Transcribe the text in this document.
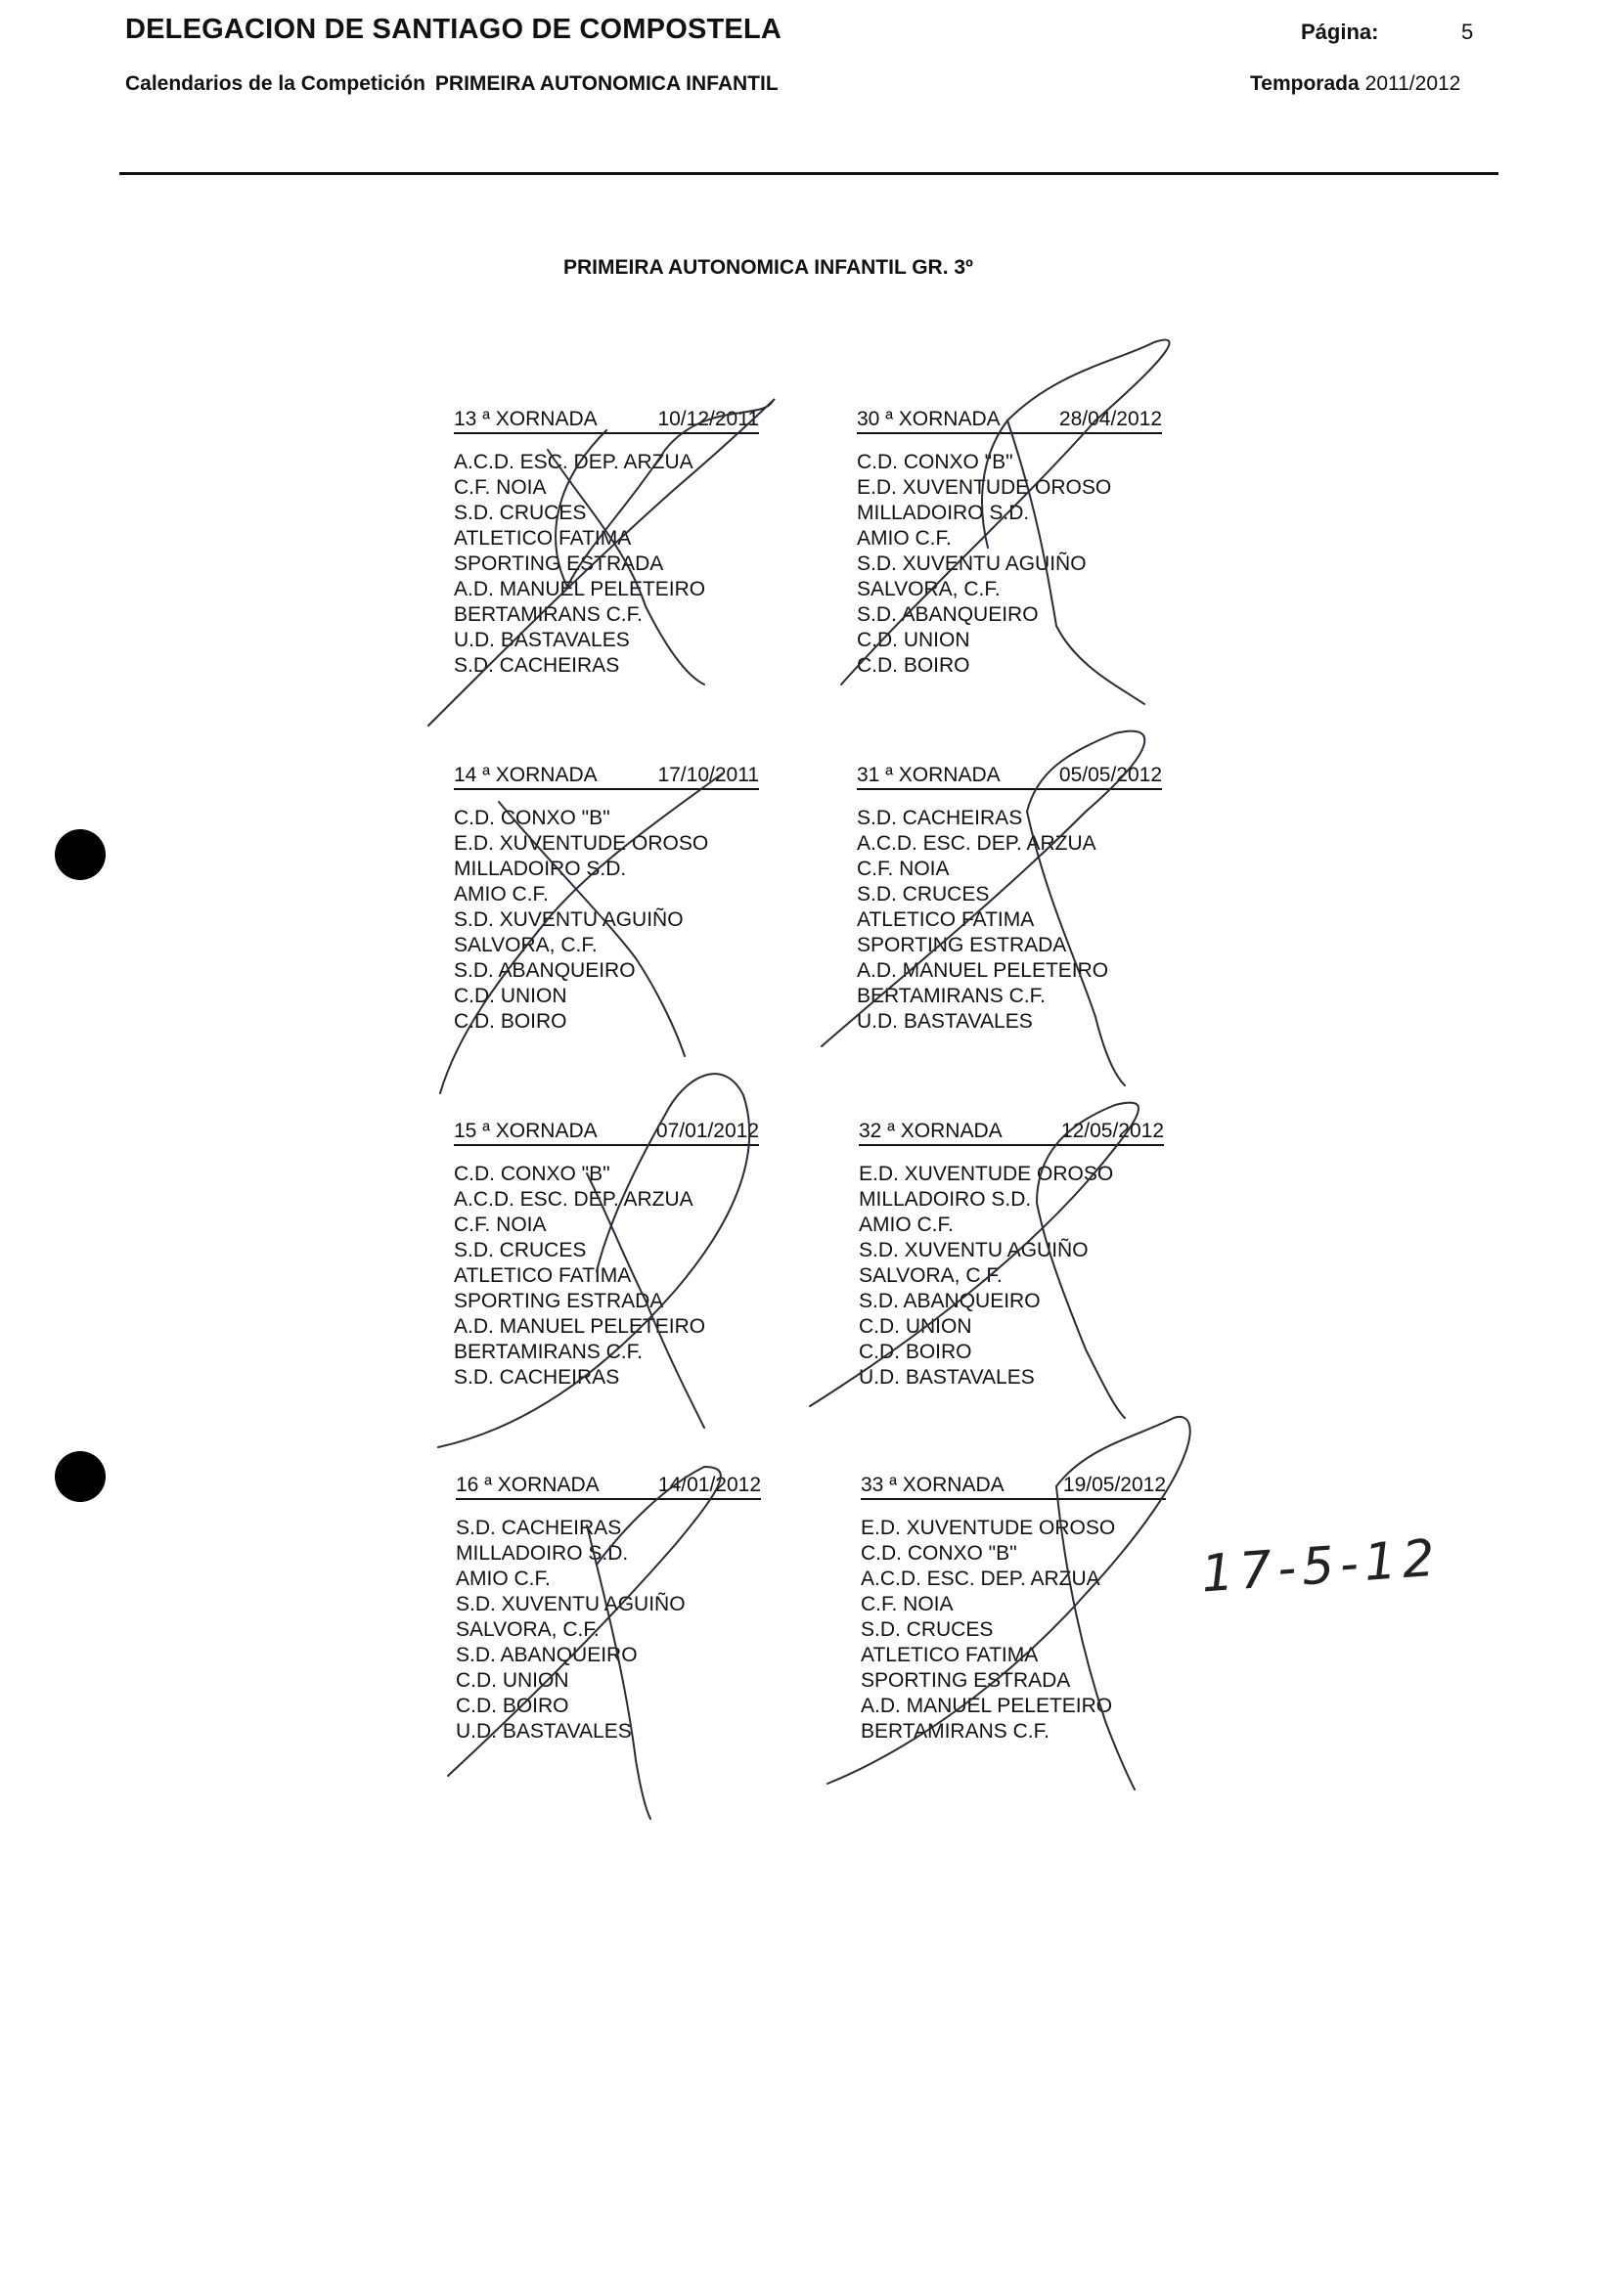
DELEGACION DE SANTIAGO DE COMPOSTELA	Página:	5
Calendarios de la Competición PRIMEIRA AUTONOMICA INFANTIL	Temporada 2011/2012
PRIMEIRA AUTONOMICA INFANTIL GR. 3º
13 ª XORNADA	10/12/2011
A.C.D. ESC. DEP. ARZUA
C.F. NOIA
S.D. CRUCES
ATLETICO FATIMA
SPORTING ESTRADA
A.D. MANUEL PELETEIRO
BERTAMIRANS C.F.
U.D. BASTAVALES
S.D. CACHEIRAS
30 ª XORNADA	28/04/2012
C.D. CONXO "B"
E.D. XUVENTUDE OROSO
MILLADOIRO S.D.
AMIO C.F.
S.D. XUVENTU AGUIÑO
SALVORA, C.F.
S.D. ABANQUEIRO
C.D. UNION
C.D. BOIRO
14 ª XORNADA	17/10/2011
C.D. CONXO "B"
E.D. XUVENTUDE OROSO
MILLADOIRO S.D.
AMIO C.F.
S.D. XUVENTU AGUIÑO
SALVORA, C.F.
S.D. ABANQUEIRO
C.D. UNION
C.D. BOIRO
31 ª XORNADA	05/05/2012
S.D. CACHEIRAS
A.C.D. ESC. DEP. ARZUA
C.F. NOIA
S.D. CRUCES
ATLETICO FATIMA
SPORTING ESTRADA
A.D. MANUEL PELETEIRO
BERTAMIRANS C.F.
U.D. BASTAVALES
15 ª XORNADA	07/01/2012
C.D. CONXO "B"
A.C.D. ESC. DEP. ARZUA
C.F. NOIA
S.D. CRUCES
ATLETICO FATIMA
SPORTING ESTRADA
A.D. MANUEL PELETEIRO
BERTAMIRANS C.F.
S.D. CACHEIRAS
32 ª XORNADA	12/05/2012
E.D. XUVENTUDE OROSO
MILLADOIRO S.D.
AMIO C.F.
S.D. XUVENTU AGUIÑO
SALVORA, C.F.
S.D. ABANQUEIRO
C.D. UNION
C.D. BOIRO
U.D. BASTAVALES
16 ª XORNADA	14/01/2012
S.D. CACHEIRAS
MILLADOIRO S.D.
AMIO C.F.
S.D. XUVENTU AGUIÑO
SALVORA, C.F.
S.D. ABANQUEIRO
C.D. UNION
C.D. BOIRO
U.D. BASTAVALES
33 ª XORNADA	19/05/2012
E.D. XUVENTUDE OROSO
C.D. CONXO "B"
A.C.D. ESC. DEP. ARZUA
C.F. NOIA
S.D. CRUCES
ATLETICO FATIMA
SPORTING ESTRADA
A.D. MANUEL PELETEIRO
BERTAMIRANS C.F.
17-5-12
